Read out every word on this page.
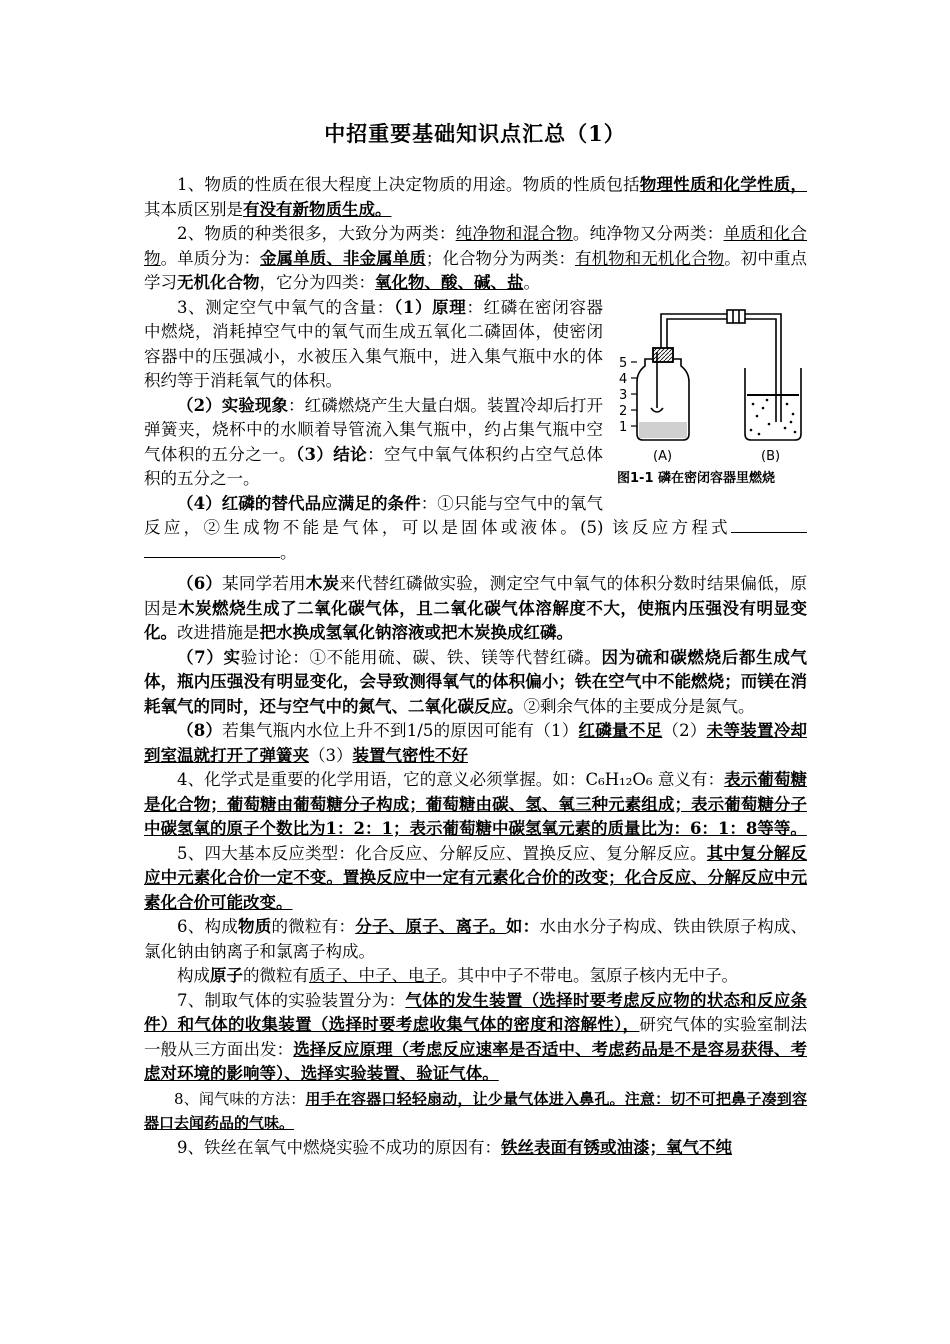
中招重要基础知识点汇总（1）

1、物质的性质在很大程度上决定物质的用途。物质的性质包括物理性质和化学性质，其本质区别是有没有新物质生成。

2、物质的种类很多，大致分为两类：纯净物和混合物。纯净物又分两类：单质和化合物。单质分为：金属单质、非金属单质；化合物分为两类：有机物和无机化合物。初中重点学习无机化合物，它分为四类：氧化物、酸、碱、盐。

5
4
3
2
1
(A)	(B)
图1-1 磷在密闭容器里燃烧

3、测定空气中氧气的含量：（1）原理：红磷在密闭容器中燃烧，消耗掉空气中的氧气而生成五氧化二磷固体，使密闭容器中的压强减小，水被压入集气瓶中，进入集气瓶中水的体积约等于消耗氧气的体积。

（2）实验现象：红磷燃烧产生大量白烟。装置冷却后打开弹簧夹，烧杯中的水顺着导管流入集气瓶中，约占集气瓶中空气体积的五分之一。（3）结论：空气中氧气体积约占空气总体积的五分之一。

（4）红磷的替代品应满足的条件：①只能与空气中的氧气反应，②生成物不能是气体，可以是固体或液体。(5) 该反应方程式。

（6）某同学若用木炭来代替红磷做实验，测定空气中氧气的体积分数时结果偏低，原因是木炭燃烧生成了二氧化碳气体，且二氧化碳气体溶解度不大，使瓶内压强没有明显变化。改进措施是把水换成氢氧化钠溶液或把木炭换成红磷。

（7）实验讨论：①不能用硫、碳、铁、镁等代替红磷。因为硫和碳燃烧后都生成气体，瓶内压强没有明显变化，会导致测得氧气的体积偏小；铁在空气中不能燃烧；而镁在消耗氧气的同时，还与空气中的氮气、二氧化碳反应。②剩余气体的主要成分是氮气。

（8）若集气瓶内水位上升不到1/5的原因可能有（1）红磷量不足（2）未等装置冷却到室温就打开了弹簧夹（3）装置气密性不好

4、化学式是重要的化学用语，它的意义必须掌握。如：C₆H₁₂O₆ 意义有：表示葡萄糖是化合物；葡萄糖由葡萄糖分子构成；葡萄糖由碳、氢、氧三种元素组成；表示葡萄糖分子中碳氢氧的原子个数比为1：2：1；表示葡萄糖中碳氢氧元素的质量比为：6：1：8等等。

5、四大基本反应类型：化合反应、分解反应、置换反应、复分解反应。其中复分解反应中元素化合价一定不变。置换反应中一定有元素化合价的改变；化合反应、分解反应中元素化合价可能改变。

6、构成物质的微粒有：分子、原子、离子。如：水由水分子构成、铁由铁原子构成、氯化钠由钠离子和氯离子构成。

构成原子的微粒有质子、中子、电子。其中中子不带电。氢原子核内无中子。

7、制取气体的实验装置分为：气体的发生装置（选择时要考虑反应物的状态和反应条件）和气体的收集装置（选择时要考虑收集气体的密度和溶解性），研究气体的实验室制法一般从三方面出发：选择反应原理（考虑反应速率是否适中、考虑药品是不是容易获得、考虑对环境的影响等）、选择实验装置、验证气体。

8、闻气味的方法：用手在容器口轻轻扇动，让少量气体进入鼻孔。注意：切不可把鼻子凑到容器口去闻药品的气味。

9、铁丝在氧气中燃烧实验不成功的原因有：铁丝表面有锈或油漆；氧气不纯
